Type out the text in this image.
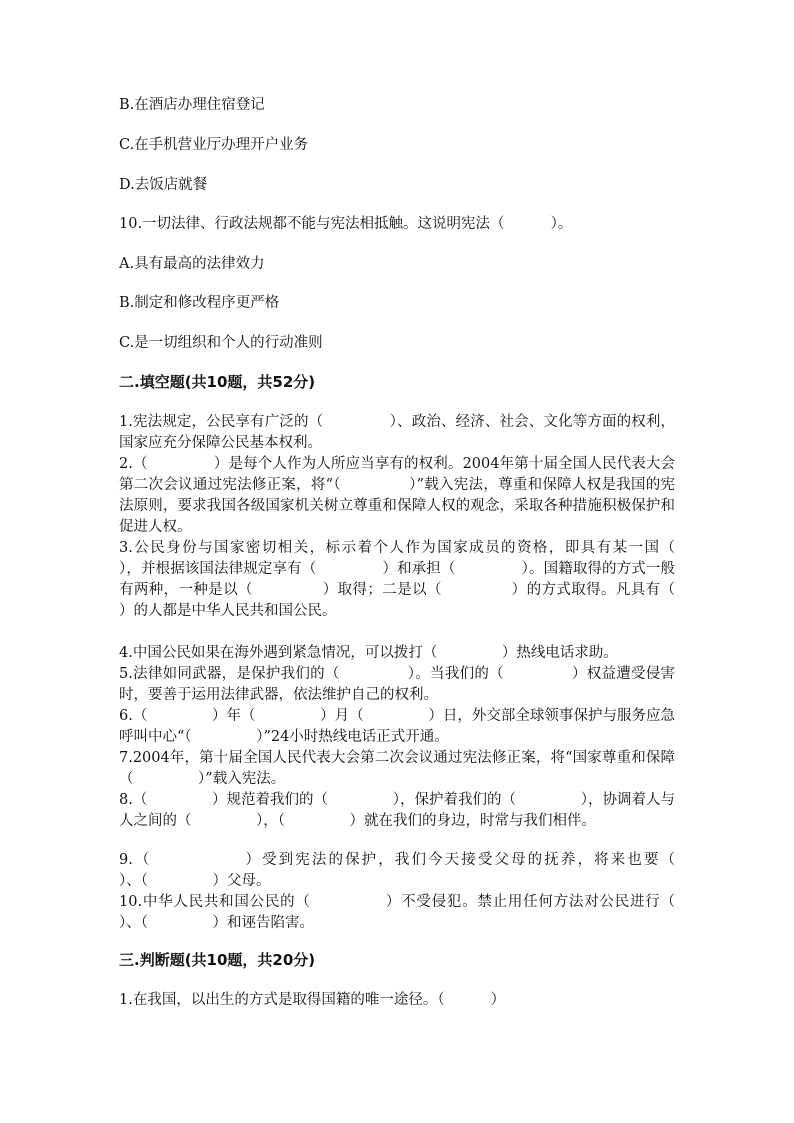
B.在酒店办理住宿登记
C.在手机营业厅办理开户业务
D.去饭店就餐
10.一切法律、行政法规都不能与宪法相抵触。这说明宪法（          ）。
A.具有最高的法律效力
B.制定和修改程序更严格
C.是一切组织和个人的行动准则
二.填空题(共10题，共52分)
1.宪法规定，公民享有广泛的（              ）、政治、经济、社会、文化等方面的权利，国家应充分保障公民基本权利。
2.（              ）是每个人作为人所应当享有的权利。2004年第十届全国人民代表大会第二次会议通过宪法修正案，将“（              ）”载入宪法，尊重和保障人权是我国的宪法原则，要求我国各级国家机关树立尊重和保障人权的观念，采取各种措施积极保护和促进人权。
3.公民身份与国家密切相关，标示着个人作为国家成员的资格，即具有某一国（              ），并根据该国法律规定享有（              ）和承担（              ）。国籍取得的方式一般有两种，一种是以（              ）取得；二是以（              ）的方式取得。凡具有（              ）的人都是中华人民共和国公民。
4.中国公民如果在海外遇到紧急情况，可以拨打（              ）热线电话求助。
5.法律如同武器，是保护我们的（              ）。当我们的（              ）权益遭受侵害时，要善于运用法律武器，依法维护自己的权利。
6.（              ）年（              ）月（              ）日，外交部全球领事保护与服务应急呼叫中心“（              ）”24小时热线电话正式开通。
7.2004年，第十届全国人民代表大会第二次会议通过宪法修正案，将“国家尊重和保障（              ）”载入宪法。
8.（              ）规范着我们的（              ），保护着我们的（              ），协调着人与人之间的（              ），（              ）就在我们的身边，时常与我们相伴。
9.（              ）受到宪法的保护，我们今天接受父母的抚养，将来也要（              ）、（              ）父母。
10.中华人民共和国公民的（              ）不受侵犯。禁止用任何方法对公民进行（              ）、（              ）和诬告陷害。
三.判断题(共10题，共20分)
1.在我国，以出生的方式是取得国籍的唯一途径。（          ）
